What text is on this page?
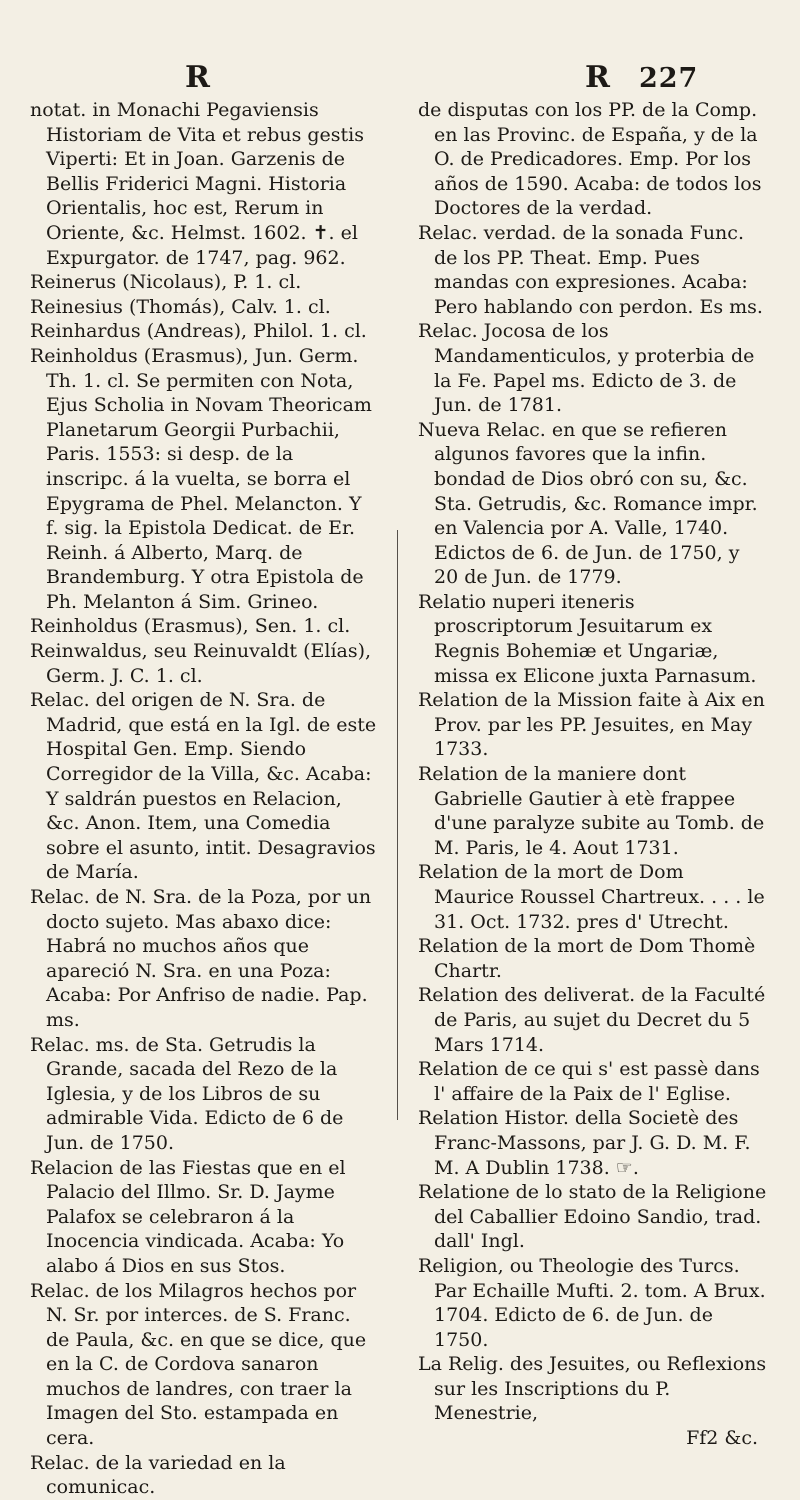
R	R 227

notat. in Monachi Pegaviensis Historiam de Vita et rebus gestis Viperti: Et in Joan. Garzenis de Bellis Friderici Magni. Historia Orientalis, hoc est, Rerum in Oriente, &c. Helmst. 1602. ✝. el Expurgator. de 1747, pag. 962.

Reinerus (Nicolaus), P. 1. cl.

Reinesius (Thomás), Calv. 1. cl.

Reinhardus (Andreas), Philol. 1. cl.

Reinholdus (Erasmus), Jun. Germ. Th. 1. cl. Se permiten con Nota, Ejus Scholia in Novam Theoricam Planetarum Georgii Purbachii, Paris. 1553: si desp. de la inscripc. á la vuelta, se borra el Epygrama de Phel. Melancton. Y f. sig. la Epistola Dedicat. de Er. Reinh. á Alberto, Marq. de Brandemburg. Y otra Epistola de Ph. Melanton á Sim. Grineo.

Reinholdus (Erasmus), Sen. 1. cl.

Reinwaldus, seu Reinuvaldt (Elías), Germ. J. C. 1. cl.

Relac. del origen de N. Sra. de Madrid, que está en la Igl. de este Hospital Gen. Emp. Siendo Corregidor de la Villa, &c. Acaba: Y saldrán puestos en Relacion, &c. Anon. Item, una Comedia sobre el asunto, intit. Desagravios de María.

Relac. de N. Sra. de la Poza, por un docto sujeto. Mas abaxo dice: Habrá no muchos años que apareció N. Sra. en una Poza: Acaba: Por Anfriso de nadie. Pap. ms.

Relac. ms. de Sta. Getrudis la Grande, sacada del Rezo de la Iglesia, y de los Libros de su admirable Vida. Edicto de 6 de Jun. de 1750.

Relacion de las Fiestas que en el Palacio del Illmo. Sr. D. Jayme Palafox se celebraron á la Inocencia vindicada. Acaba: Yo alabo á Dios en sus Stos.

Relac. de los Milagros hechos por N. Sr. por interces. de S. Franc. de Paula, &c. en que se dice, que en la C. de Cordova sanaron muchos de landres, con traer la Imagen del Sto. estampada en cera.

Relac. de la variedad en la comunicac.

de disputas con los PP. de la Comp. en las Provinc. de España, y de la O. de Predicadores. Emp. Por los años de 1590. Acaba: de todos los Doctores de la verdad.

Relac. verdad. de la sonada Func. de los PP. Theat. Emp. Pues mandas con expresiones. Acaba: Pero hablando con perdon. Es ms.

Relac. Jocosa de los Mandamenticulos, y proterbia de la Fe. Papel ms. Edicto de 3. de Jun. de 1781.

Nueva Relac. en que se refieren algunos favores que la infin. bondad de Dios obró con su, &c. Sta. Getrudis, &c. Romance impr. en Valencia por A. Valle, 1740. Edictos de 6. de Jun. de 1750, y 20 de Jun. de 1779.

Relatio nuperi iteneris proscriptorum Jesuitarum ex Regnis Bohemiæ et Ungariæ, missa ex Elicone juxta Parnasum.

Relation de la Mission faite à Aix en Prov. par les PP. Jesuites, en May 1733.

Relation de la maniere dont Gabrielle Gautier à etè frappee d'une paralyze subite au Tomb. de M. Paris, le 4. Aout 1731.

Relation de la mort de Dom Maurice Roussel Chartreux. . . . le 31. Oct. 1732. pres d' Utrecht.

Relation de la mort de Dom Thomè Chartr.

Relation des deliverat. de la Faculté de Paris, au sujet du Decret du 5 Mars 1714.

Relation de ce qui s' est passè dans l' affaire de la Paix de l' Eglise.

Relation Histor. della Societè des Franc-Massons, par J. G. D. M. F. M. A Dublin 1738. ☞.

Relatione de lo stato de la Religione del Caballier Edoino Sandio, trad. dall' Ingl.

Religion, ou Theologie des Turcs. Par Echaille Mufti. 2. tom. A Brux. 1704. Edicto de 6. de Jun. de 1750.

La Relig. des Jesuites, ou Reflexions sur les Inscriptions du P. Menestrie,

Ff2 &c.
